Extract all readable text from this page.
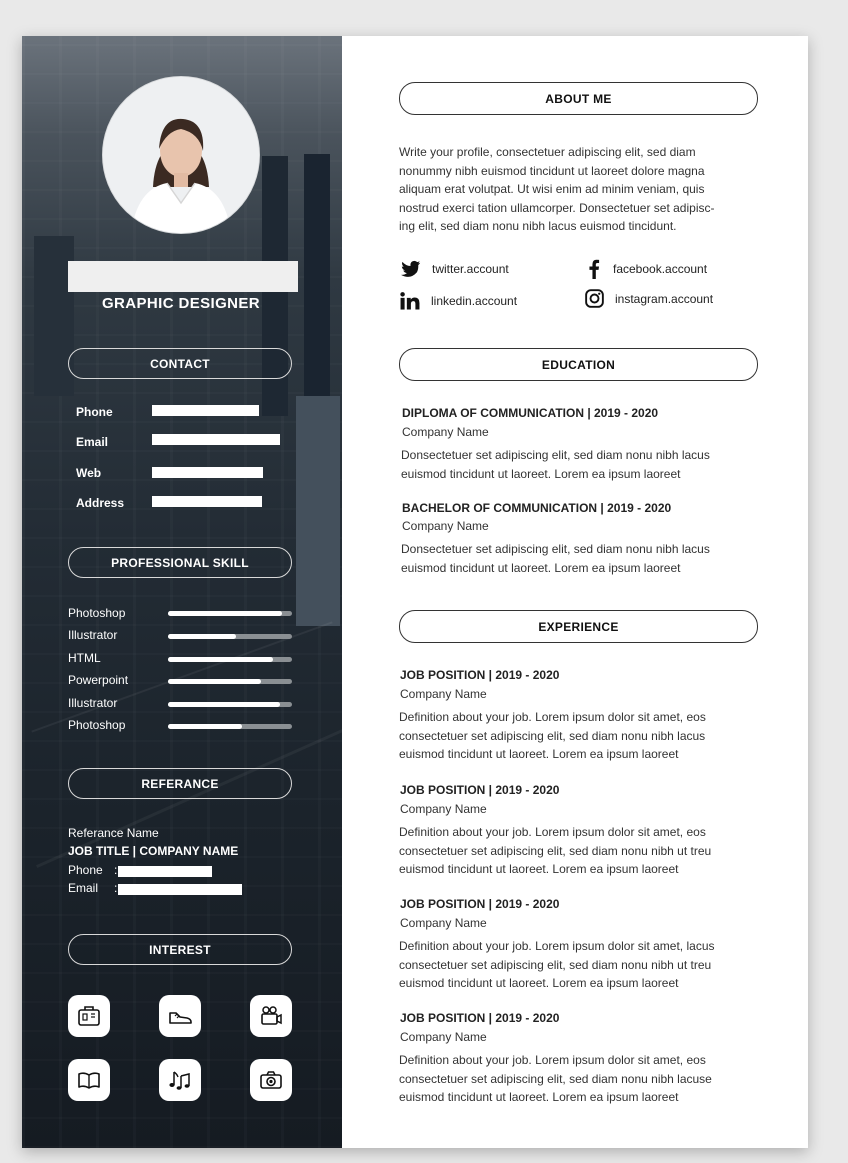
GRAPHIC DESIGNER
CONTACT
Phone
Email
Web
Address
PROFESSIONAL SKILL
Photoshop
Illustrator
HTML
Powerpoint
Illustrator
Photoshop
REFERANCE
Referance Name
JOB TITLE | COMPANY NAME
Phone :
Email :
INTEREST
ABOUT ME
Write your profile, consectetuer adipiscing elit, sed diam
nonummy nibh euismod tincidunt ut laoreet dolore magna
aliquam erat volutpat. Ut wisi enim ad minim veniam, quis
nostrud exerci tation ullamcorper. Donsectetuer set adipisc-
ing elit, sed diam nonu nibh lacus euismod tincidunt.
twitter.account	facebook.account
linkedin.account	instagram.account
EDUCATION
DIPLOMA OF COMMUNICATION | 2019 - 2020
Company Name
Donsectetuer set adipiscing elit, sed diam nonu nibh lacus
euismod tincidunt ut laoreet. Lorem ea ipsum laoreet
BACHELOR OF COMMUNICATION | 2019 - 2020
Company Name
Donsectetuer set adipiscing elit, sed diam nonu nibh lacus
euismod tincidunt ut laoreet. Lorem ea ipsum laoreet
EXPERIENCE
JOB POSITION | 2019 - 2020
Company Name
Definition about your job. Lorem ipsum dolor sit amet, eos
consectetuer set adipiscing elit, sed diam nonu nibh lacus
euismod tincidunt ut laoreet. Lorem ea ipsum laoreet
JOB POSITION | 2019 - 2020
Company Name
Definition about your job. Lorem ipsum dolor sit amet, eos
consectetuer set adipiscing elit, sed diam nonu nibh ut treu
euismod tincidunt ut laoreet. Lorem ea ipsum laoreet
JOB POSITION | 2019 - 2020
Company Name
Definition about your job. Lorem ipsum dolor sit amet, lacus
consectetuer set adipiscing elit, sed diam nonu nibh ut treu
euismod tincidunt ut laoreet. Lorem ea ipsum laoreet
JOB POSITION | 2019 - 2020
Company Name
Definition about your job. Lorem ipsum dolor sit amet, eos
consectetuer set adipiscing elit, sed diam nonu nibh lacuse
euismod tincidunt ut laoreet. Lorem ea ipsum laoreet
